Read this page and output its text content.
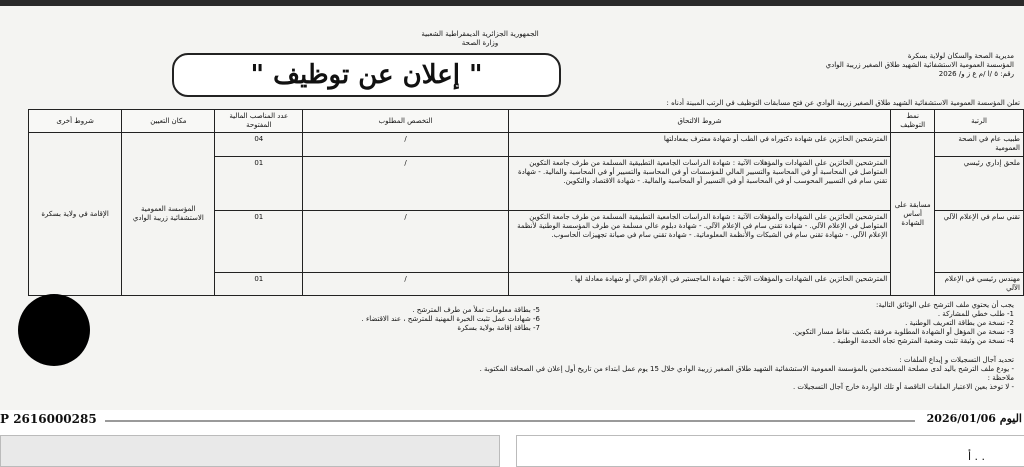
الجمهورية الجزائرية الديمقراطية الشعبية
وزارة الصحة
مديرية الصحة والسكان لولاية بسكرة
المؤسسة العمومية الاستشفائية الشهيد طلاق الصغير زريبة الوادي
رقم: ٥ /ا /م ع ز و/ 2026
" إعلان عن توظيف "
تعلن المؤسسة العمومية الاستشفائية الشهيد طلاق الصغير زريبة الوادي عن فتح مسابقات التوظيف في الرتب المبينة أدناه :
الرتبة	نمط التوظيف	شروط الالتحاق	التخصص المطلوب	عدد المناصب المالية المفتوحة	مكان التعيين	شروط أخرى
طبيب عام في الصحة العمومية	مسابقة على أساس الشهادة	المترشحين الحائزين على شهادة دكتوراه في الطب أو شهادة معترف بمعادلتها	/	04	المؤسسة العمومية الاستشفائية زريبة الوادي	الإقامة في ولاية بسكرة
ملحق إداري رئيسي		المترشحين الحائزين على الشهادات والمؤهلات الآتية : شهادة الدراسات الجامعية التطبيقية المسلمة من طرف جامعة التكوين المتواصل في المحاسبة أو في المحاسبة والتسيير المالي للمؤسسات أو في المحاسبة والتسيير أو في المحاسبة والمالية. - شهادة تقني سام في التسيير المحوسب أو في المحاسبة أو في التسيير أو المحاسبة والمالية. - شهادة الاقتصاد والتكوين.	/	01		
تقني سام في الإعلام الآلي		المترشحين الحائزين على الشهادات والمؤهلات الآتية : شهادة الدراسات الجامعية التطبيقية المسلمة من طرف جامعة التكوين المتواصل في الإعلام الآلي. - شهادة تقني سام في الإعلام الآلي. - شهادة دبلوم عالي مسلمة من طرف المؤسسة الوطنية لأنظمة الإعلام الآلي. - شهادة تقني سام في الشبكات والأنظمة المعلوماتية. - شهادة تقني سام في صيانة تجهيزات الحاسوب.	/	01		
مهندس رئيسي في الإعلام الآلي		المترشحين الحائزين على الشهادات والمؤهلات الآتية : شهادة الماجستير في الإعلام الآلي أو شهادة معادلة لها .	/	01		
يجب أن يحتوي ملف الترشح على الوثائق التالية:
1- طلب خطي للمشاركة .
2- نسخة من بطاقة التعريف الوطنية .
3- نسخة من المؤهل أو الشهادة المطلوبة مرفقة بكشف نقاط مسار التكوين.
4- نسخة من وثيقة تثبت وضعية المترشح تجاه الخدمة الوطنية .
5- بطاقة معلومات تملأ من طرف المترشح .
6- شهادات عمل تثبت الخبرة المهنية للمترشح ، عند الاقتضاء .
7- بطاقة إقامة بولاية بسكرة
تحديد آجال التسجيلات و إيداع الملفات :
- يودع ملف الترشح باليد لدى مصلحة المستخدمين بالمؤسسة العمومية الاستشفائية الشهيد طلاق الصغير زريبة الوادي خلال 15 يوم عمل ابتداء من تاريخ أول إعلان في الصحافة المكتوبة .
ملاحظة :
- لا توخذ بعين الاعتبار الملفات الناقصة أو تلك الواردة خارج آجال التسجيلات .
P 2616000285	اليوم 2026/01/06
أ . .
